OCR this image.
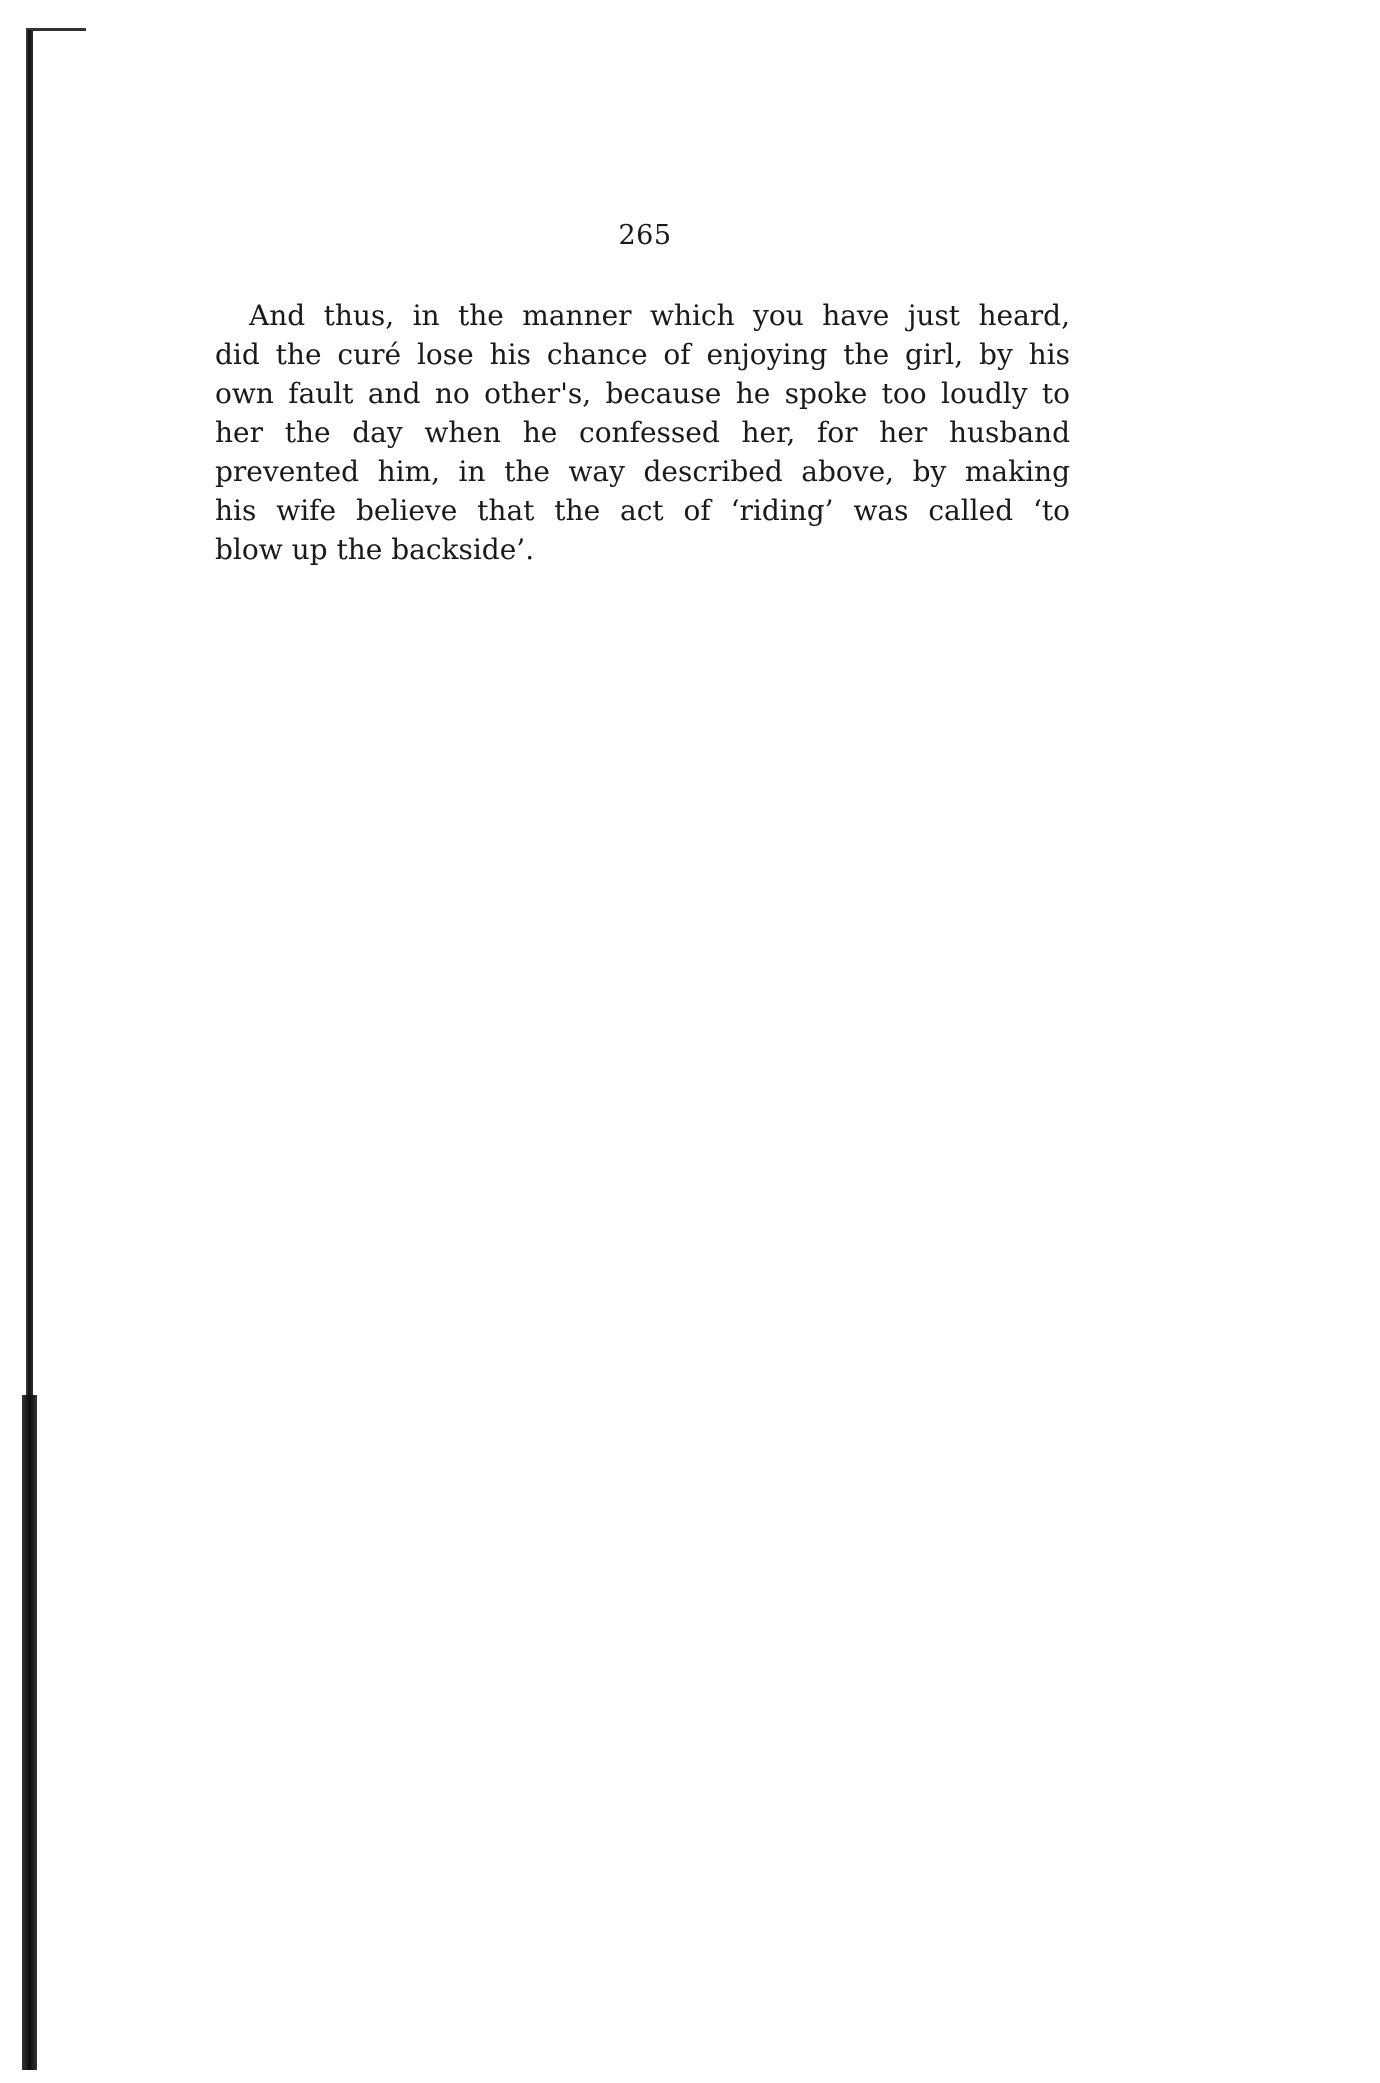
265
And thus, in the manner which you have just heard,
did the curé lose his chance of enjoying the girl, by his
own fault and no other's, because he spoke too loudly to
her the day when he confessed her, for her husband
prevented him, in the way described above, by making
his wife believe that the act of ‘riding’ was called ‘to
blow up the backside’.
